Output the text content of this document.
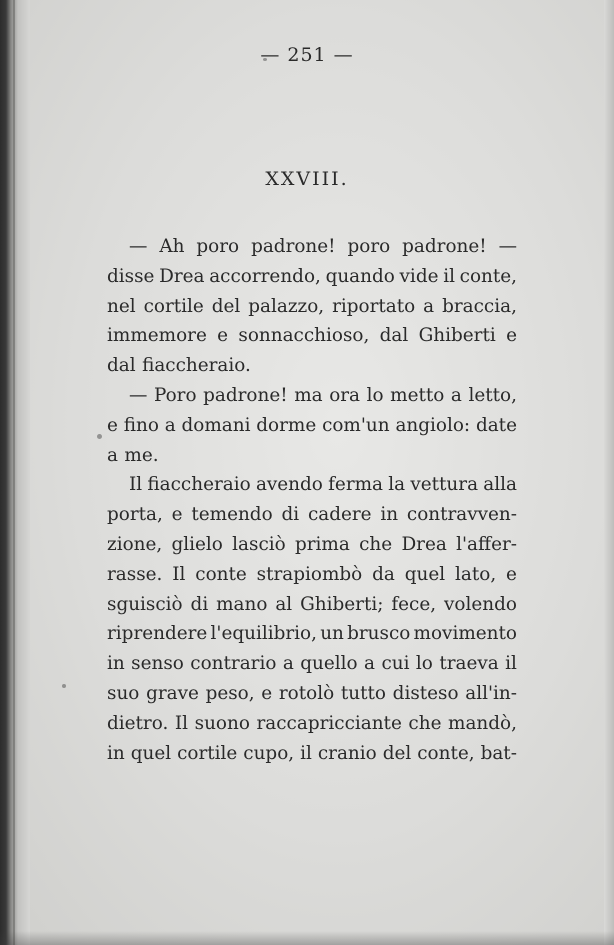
— 251 —
XXVIII.
— Ah poro padrone! poro padrone! —
disse Drea accorrendo, quando vide il conte,
nel cortile del palazzo, riportato a braccia,
immemore e sonnacchioso, dal Ghiberti e
dal fiaccheraio.
— Poro padrone! ma ora lo metto a letto,
e fino a domani dorme com'un angiolo: date
a me.
Il fiaccheraio avendo ferma la vettura alla
porta, e temendo di cadere in contravven-
zione, glielo lasciò prima che Drea l'affer-
rasse. Il conte strapiombò da quel lato, e
sguisciò di mano al Ghiberti; fece, volendo
riprendere l'equilibrio, un brusco movimento
in senso contrario a quello a cui lo traeva il
suo grave peso, e rotolò tutto disteso all'in-
dietro. Il suono raccapricciante che mandò,
in quel cortile cupo, il cranio del conte, bat-
